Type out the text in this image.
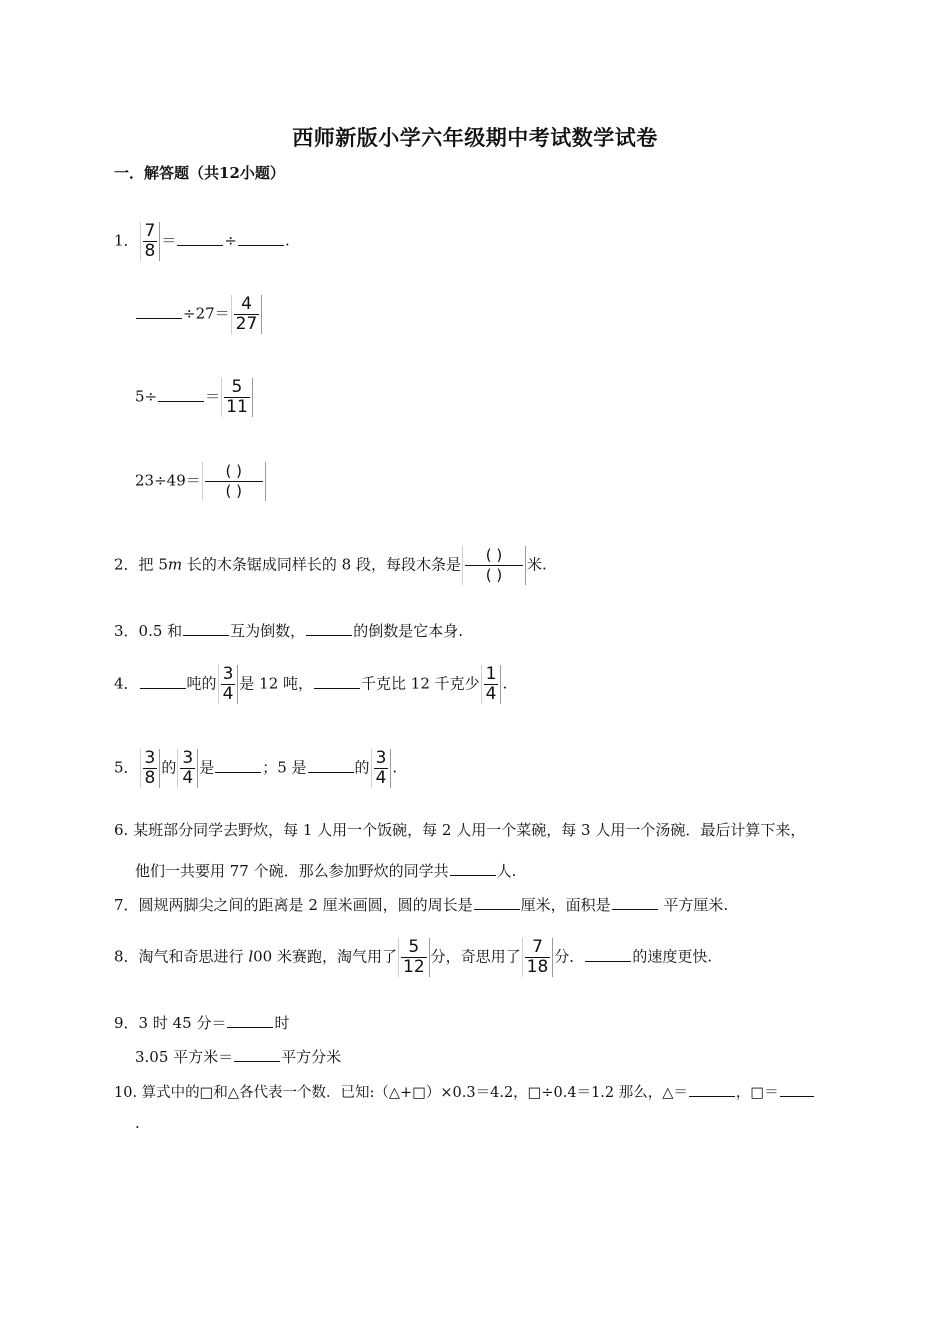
西师新版小学六年级期中考试数学试卷
一．解答题（共12小题）
1． $\frac{7}{8}$ ＝	÷	.
$\div 27= \frac{4}{27}$
5÷	＝ $\frac{5}{11}$
$23\div 49= \frac{( )}{( )}$
2．把 5m 长的木条锯成同样长的 8 段，每段木条是 $\frac{( )}{( )}$ 米.
3．0.5 和	互为倒数，	的倒数是它本身.
4．	吨的 $\frac{3}{4}$ 是 12 吨，	千克比 12 千克少 $\frac{1}{4}$ .
5． $\frac{3}{8}$ 的 $\frac{3}{4}$ 是	；5 是	的 $\frac{3}{4}$ .
6. 某班部分同学去野炊，每 1 人用一个饭碗，每 2 人用一个菜碗，每 3 人用一个汤碗．最后计算下来，
他们一共要用 77 个碗．那么参加野炊的同学共	人.
7．圆规两脚尖之间的距离是 2 厘米画圆，圆的周长是	厘米，面积是	平方厘米.
8．淘气和奇思进行 l00 米赛跑，淘气用了 $\frac{5}{12}$ 分，奇思用了 $\frac{7}{18}$ 分．	的速度更快.
9．3 时 45 分＝	时
3.05 平方米＝	平方分米
10. 算式中的□和△各代表一个数．已知:（△+□）×0.3＝4.2，□÷0.4＝1.2 那么，△＝	，□＝
.
